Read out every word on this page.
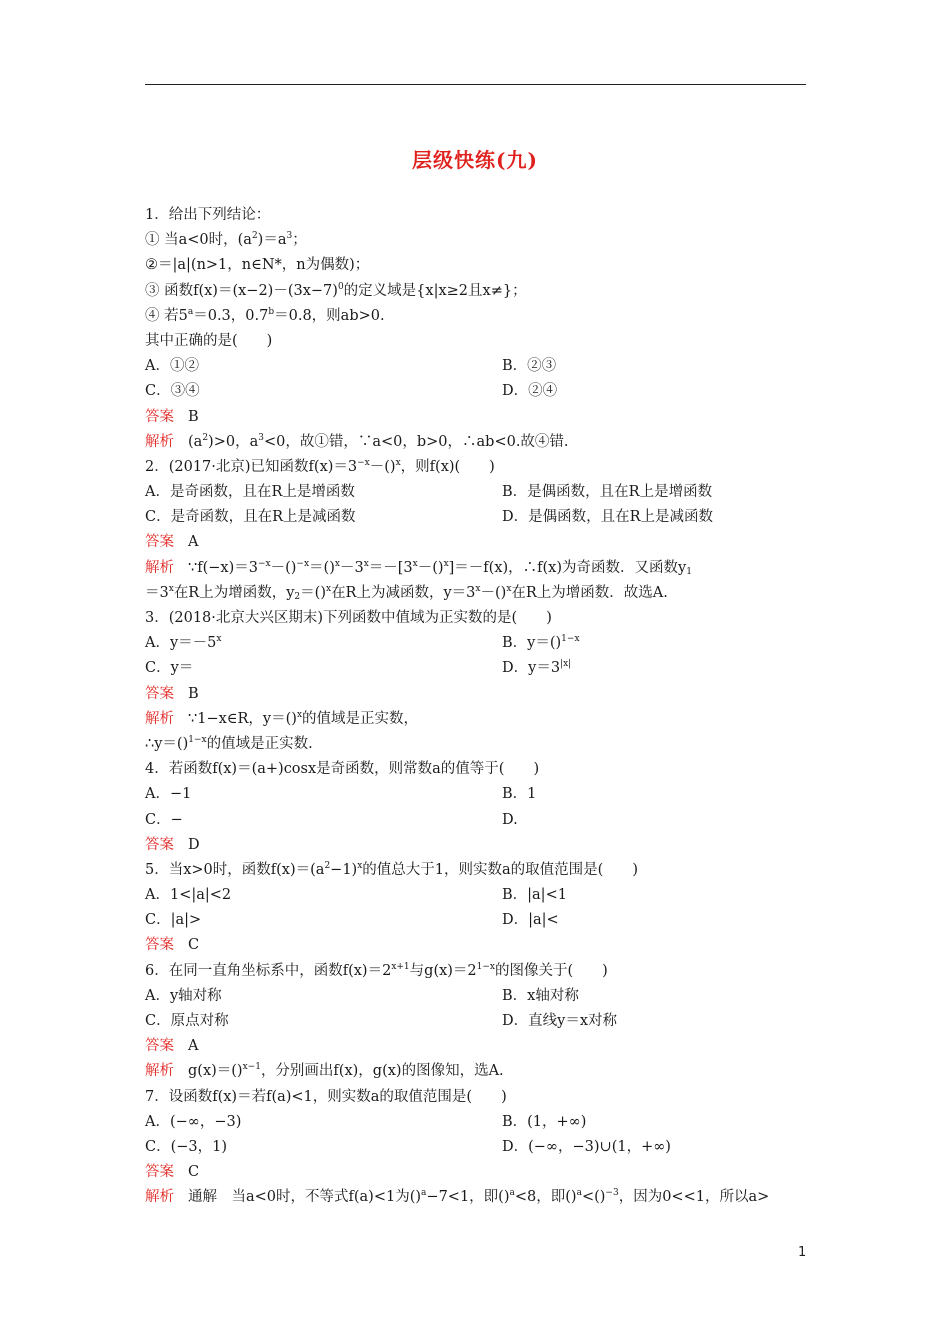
层级快练(九)
1．给出下列结论：
① 当a<0时，$(a^2)=a^3$；
②＝|a|(n>1，n∈N*，n为偶数)；
③ 函数$f(x)=(x-2)-(3x-7)^0$的定义域是{x|x≥2且x≠}；
④ 若$5^a=0.3$，0.7$^b$＝0.8，则ab>0.
其中正确的是(　　)
A．①②	B．②③
C．③④	D．②④
答案 B
解析 $(a^2)>0$，$a^3<0$，故①错，∵a<0，b>0，∴ab<0.故④错.
2．(2017·北京)已知函数$f(x)=3^{-x}-()^x$，则f(x)(　　)
A．是奇函数，且在R上是增函数	B．是偶函数，且在R上是增函数
C．是奇函数，且在R上是减函数	D．是偶函数，且在R上是减函数
答案 A
解析 $\because f(-x)=3^{-x}-()^{-x}=()^x-3^x=-[3^x-()^x]=-f(x)$，∴f(x)为奇函数．又函数$y_1$
$=3^x$在R上为增函数，$y_2=()^x$在R上为减函数，$y=3^x-()^x$在R上为增函数．故选A.
3．(2018·北京大兴区期末)下列函数中值域为正实数的是(　　)
A．$y=-5^x$	B．y＝()$^{1-x}$
C．y＝	D．$y=3^{|x|}$
答案 B
解析 ∵1−x∈R，y＝()$^x$的值域是正实数，
∴y＝()$^{1-x}$的值域是正实数.
4．若函数f(x)＝(a+)cosx是奇函数，则常数a的值等于(　　)
A．−1	B．1
C．−	D.
答案 D
5．当x>0时，函数$f(x)=(a^2-1)^x$的值总大于1，则实数a的取值范围是(　　)
A．1<|a|<2	B．|a|<1
C．|a|>	D．|a|<
答案 C
6．在同一直角坐标系中，函数$f(x)=2^{x+1}$与$g(x)=2^{1-x}$的图像关于(　　)
A．y轴对称	B．x轴对称
C．原点对称	D．直线y＝x对称
答案 A
解析 g(x)＝()$^{x-1}$，分别画出f(x)，g(x)的图像知，选A.
7．设函数f(x)＝若f(a)<1，则实数a的取值范围是(　　)
A．(−∞，−3)	B．(1，+∞)
C．(−3，1)	D．(−∞，−3)∪(1，+∞)
答案 C
解析 通解　当a<0时，不等式f(a)<1为()$^a$−7<1，即()$^a$<8，即()$^a$<()$^{-3}$，因为0<<1，所以a>
1
